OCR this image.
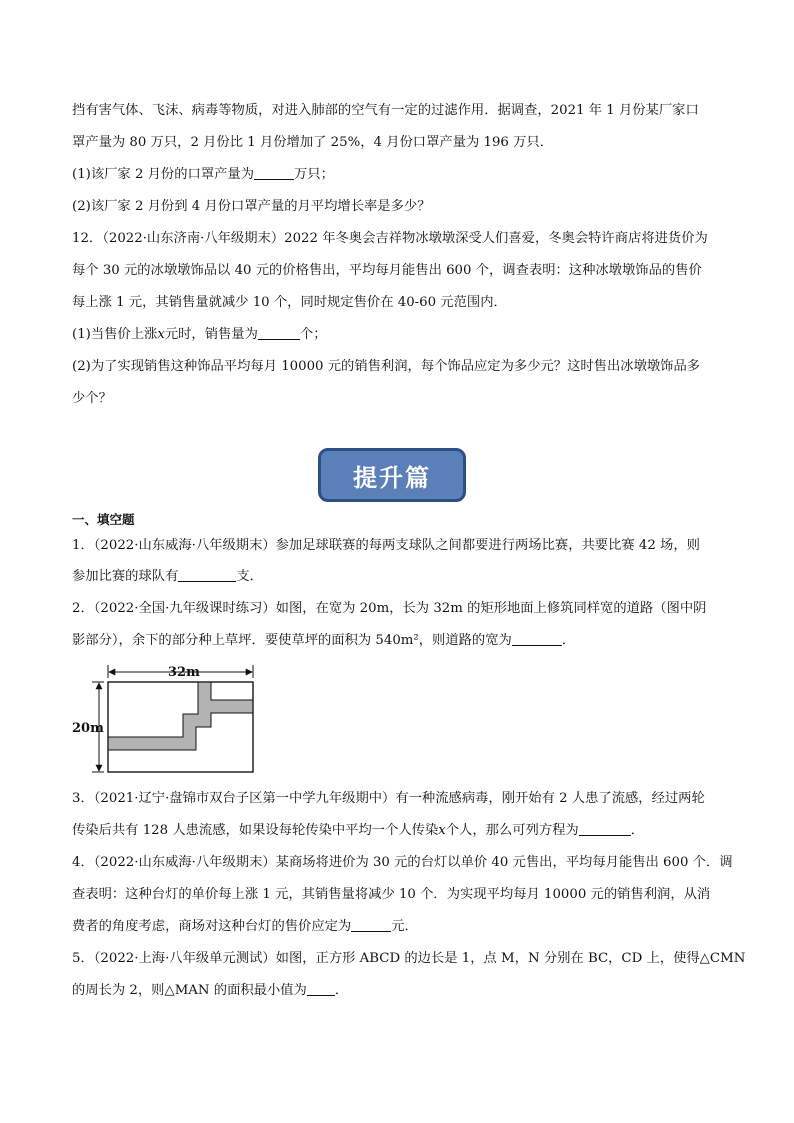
挡有害气体、飞沫、病毒等物质，对进入肺部的空气有一定的过滤作用．据调查，2021 年 1 月份某厂家口
罩产量为 80 万只，2 月份比 1 月份增加了 25%，4 月份口罩产量为 196 万只．
(1)该厂家 2 月份的口罩产量为	万只；
(2)该厂家 2 月份到 4 月份口罩产量的月平均增长率是多少？
12．（2022·山东济南·八年级期末）2022 年冬奥会吉祥物冰墩墩深受人们喜爱，冬奥会特许商店将进货价为
每个 30 元的冰墩墩饰品以 40 元的价格售出，平均每月能售出 600 个，调查表明：这种冰墩墩饰品的售价
每上涨 1 元，其销售量就减少 10 个，同时规定售价在 40-60 元范围内．
(1)当售价上涨x元时，销售量为	个；
(2)为了实现销售这种饰品平均每月 10000 元的销售利润，每个饰品应定为多少元？这时售出冰墩墩饰品多
少个？
提升篇
一、填空题
1．（2022·山东威海·八年级期末）参加足球联赛的每两支球队之间都要进行两场比赛，共要比赛 42 场，则
参加比赛的球队有	支．
2．（2022·全国·九年级课时练习）如图，在宽为 20m，长为 32m 的矩形地面上修筑同样宽的道路（图中阴
影部分），余下的部分种上草坪．要使草坪的面积为 540m²，则道路的宽为	．
32m
20m
3．（2021·辽宁·盘锦市双台子区第一中学九年级期中）有一种流感病毒，刚开始有 2 人患了流感，经过两轮
传染后共有 128 人患流感，如果设每轮传染中平均一个人传染x个人，那么可列方程为	．
4．（2022·山东威海·八年级期末）某商场将进价为 30 元的台灯以单价 40 元售出，平均每月能售出 600 个．调
查表明：这种台灯的单价每上涨 1 元，其销售量将减少 10 个．为实现平均每月 10000 元的销售利润，从消
费者的角度考虑，商场对这种台灯的售价应定为	元．
5．（2022·上海·八年级单元测试）如图，正方形 ABCD 的边长是 1，点 M，N 分别在 BC，CD 上，使得△CMN
的周长为 2，则△MAN 的面积最小值为 ．
